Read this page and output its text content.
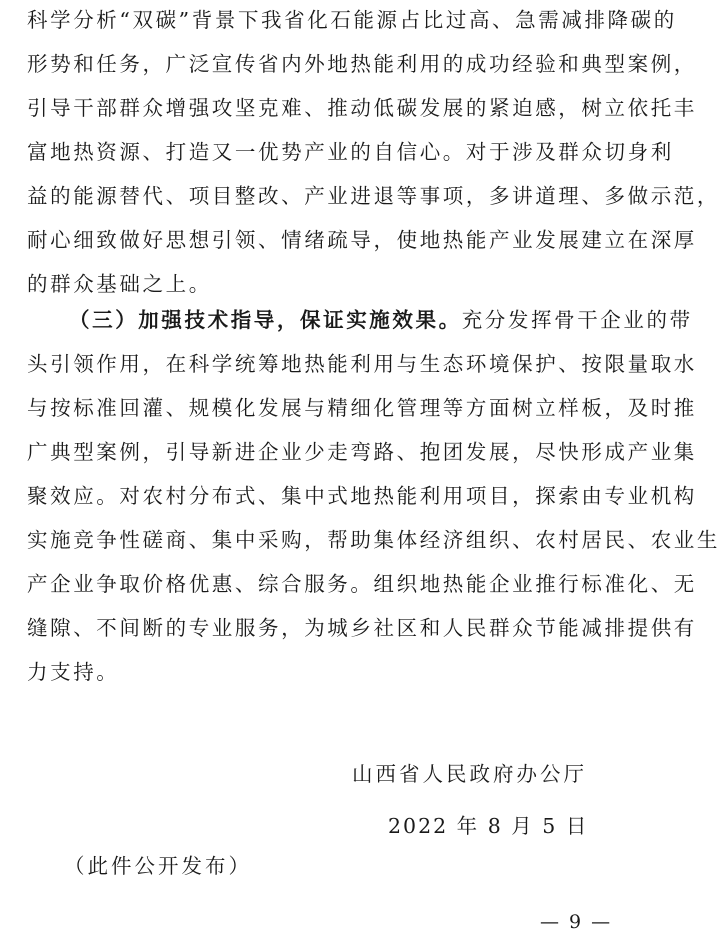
科学分析“双碳”背景下我省化石能源占比过高、急需减排降碳的
形势和任务，广泛宣传省内外地热能利用的成功经验和典型案例，
引导干部群众增强攻坚克难、推动低碳发展的紧迫感，树立依托丰
富地热资源、打造又一优势产业的自信心。对于涉及群众切身利
益的能源替代、项目整改、产业进退等事项，多讲道理、多做示范，
耐心细致做好思想引领、情绪疏导，使地热能产业发展建立在深厚
的群众基础之上。
（三）加强技术指导，保证实施效果。充分发挥骨干企业的带
头引领作用，在科学统筹地热能利用与生态环境保护、按限量取水
与按标准回灌、规模化发展与精细化管理等方面树立样板，及时推
广典型案例，引导新进企业少走弯路、抱团发展，尽快形成产业集
聚效应。对农村分布式、集中式地热能利用项目，探索由专业机构
实施竞争性磋商、集中采购，帮助集体经济组织、农村居民、农业生
产企业争取价格优惠、综合服务。组织地热能企业推行标准化、无
缝隙、不间断的专业服务，为城乡社区和人民群众节能减排提供有
力支持。
山西省人民政府办公厅
2022 年 8 月 5 日
（此件公开发布）
— 9 —
